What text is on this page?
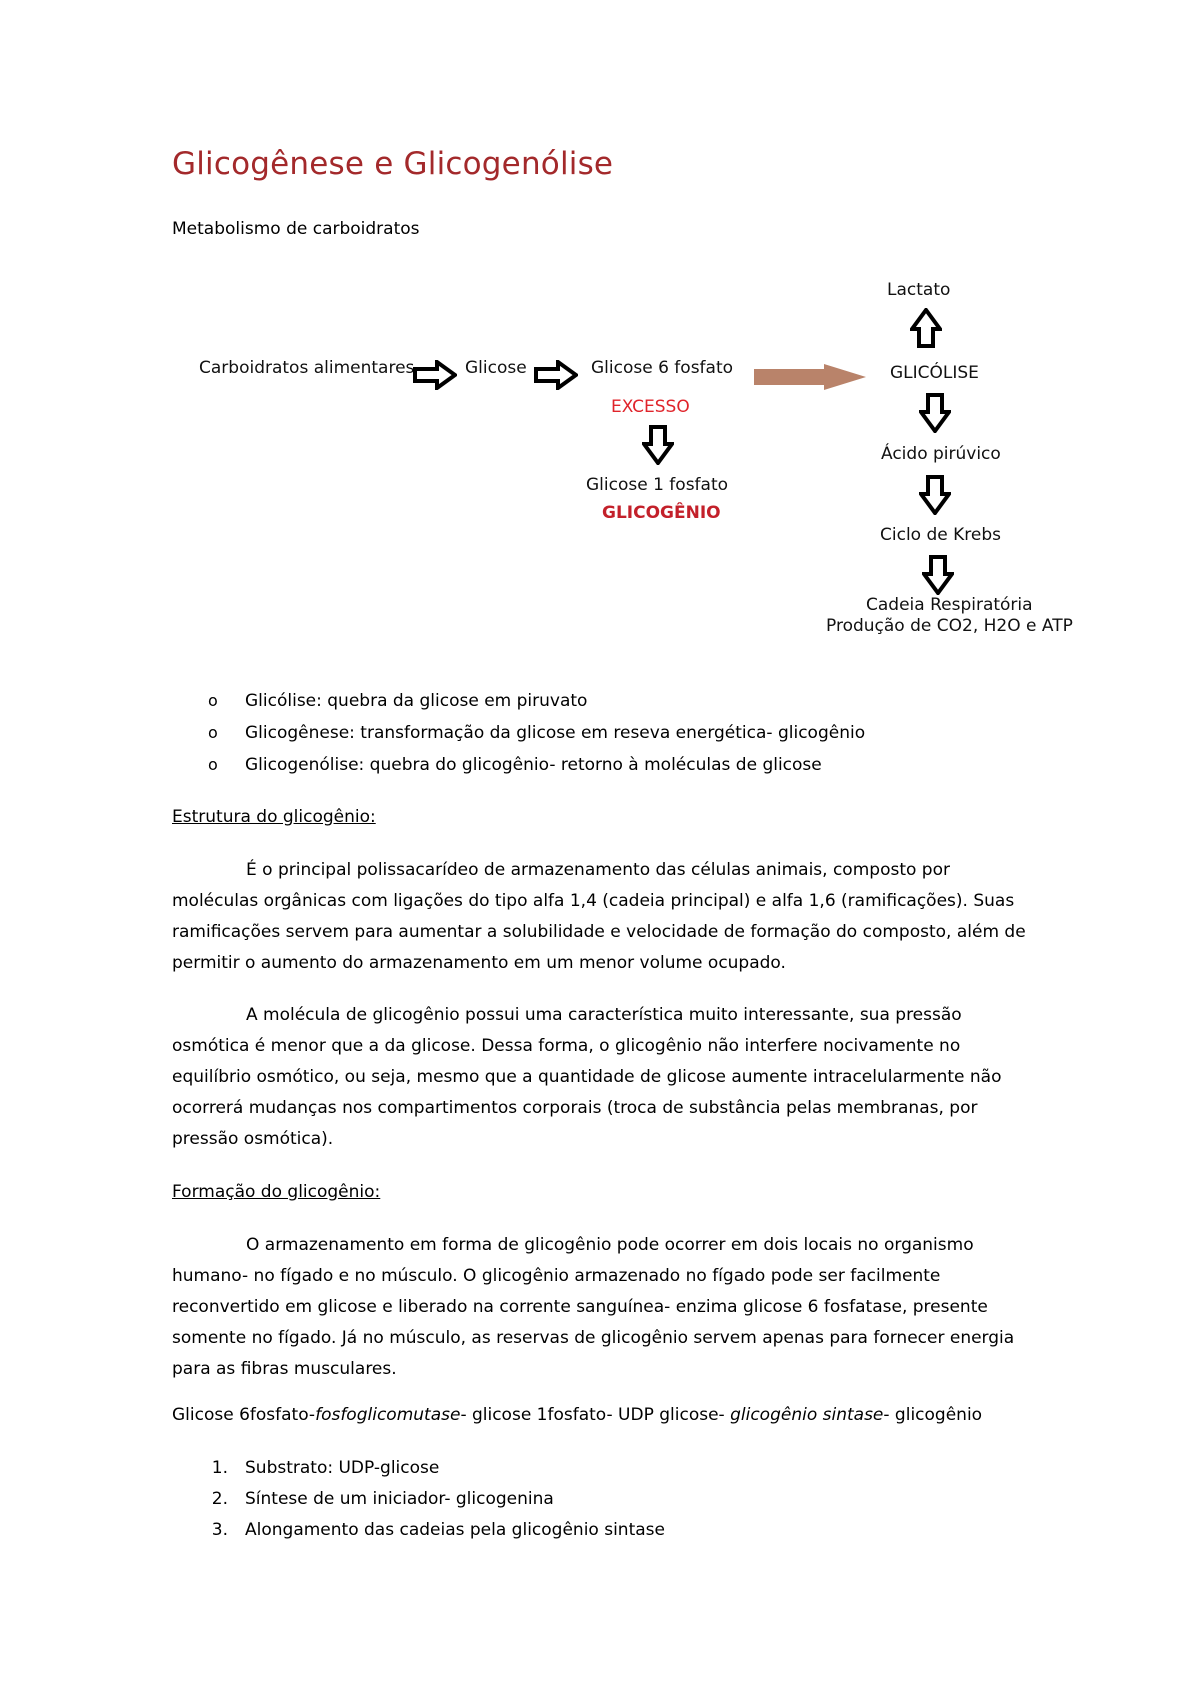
Glicogênese e Glicogenólise

Metabolismo de carboidratos

Carboidratos alimentares	Glicose	Glicose 6 fosfato
EXCESSO
Glicose 1 fosfato
GLICOGÊNIO
Lactato
GLICÓLISE
Ácido pirúvico
Ciclo de Krebs
Cadeia Respiratória
Produção de CO2, H2O e ATP
o	Glicólise: quebra da glicose em piruvato
o	Glicogênese: transformação da glicose em reseva energética- glicogênio
o	Glicogenólise: quebra do glicogênio- retorno à moléculas de glicose
Estrutura do glicogênio:

É o principal polissacarídeo de armazenamento das células animais, composto por moléculas orgânicas com ligações do tipo alfa 1,4 (cadeia principal) e alfa 1,6 (ramificações). Suas ramificações servem para aumentar a solubilidade e velocidade de formação do composto, além de permitir o aumento do armazenamento em um menor volume ocupado.

A molécula de glicogênio possui uma característica muito interessante, sua pressão osmótica é menor que a da glicose. Dessa forma, o glicogênio não interfere nocivamente no equilíbrio osmótico, ou seja, mesmo que a quantidade de glicose aumente intracelularmente não ocorrerá mudanças nos compartimentos corporais (troca de substância pelas membranas, por pressão osmótica).

Formação do glicogênio:

O armazenamento em forma de glicogênio pode ocorrer em dois locais no organismo humano- no fígado e no músculo. O glicogênio armazenado no fígado pode ser facilmente reconvertido em glicose e liberado na corrente sanguínea- enzima glicose 6 fosfatase, presente somente no fígado. Já no músculo, as reservas de glicogênio servem apenas para fornecer energia para as fibras musculares.

Glicose 6fosfato-fosfoglicomutase- glicose 1fosfato- UDP glicose- glicogênio sintase- glicogênio

1.	Substrato: UDP-glicose
2.	Síntese de um iniciador- glicogenina
3.	Alongamento das cadeias pela glicogênio sintase
